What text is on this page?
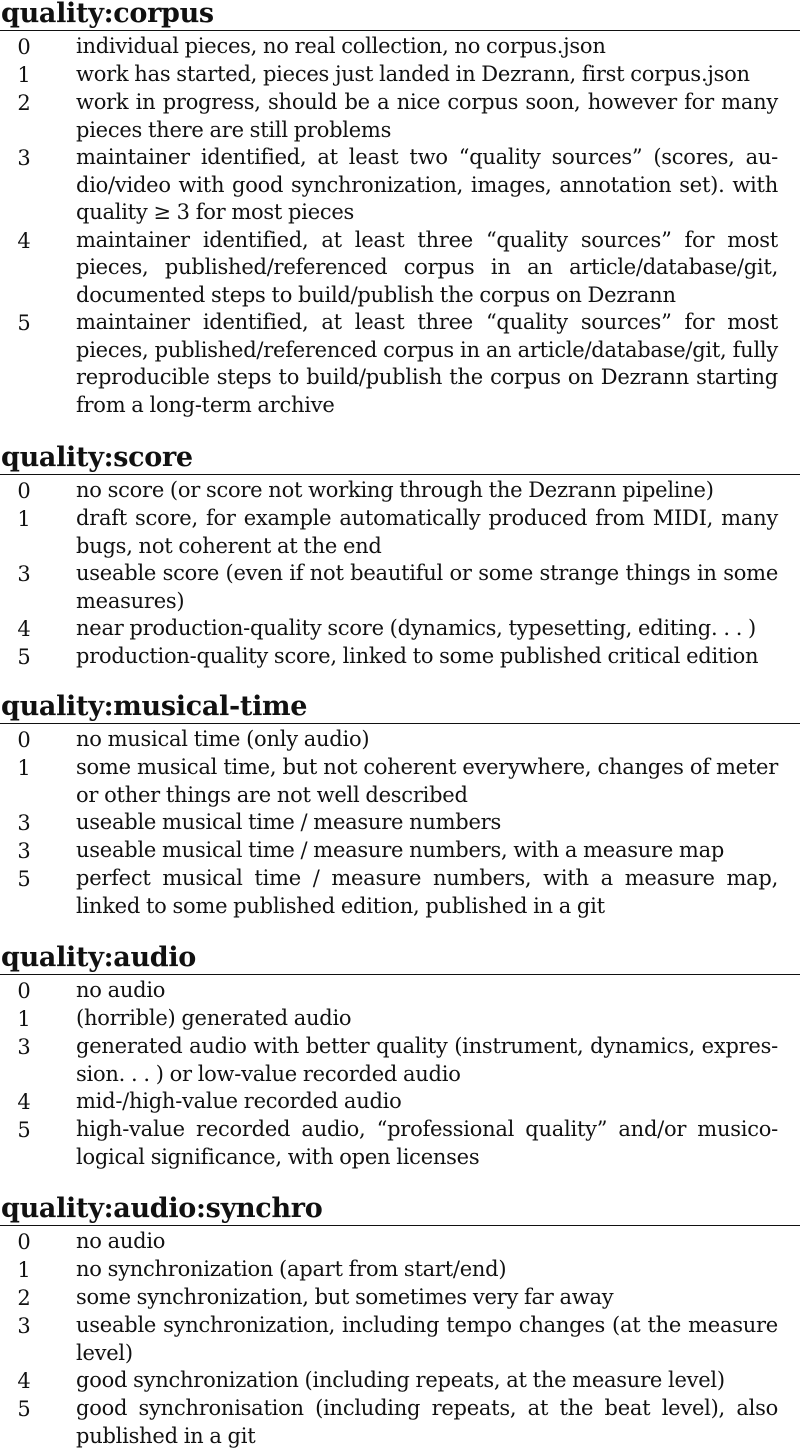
quality:corpus
0	individual pieces, no real collection, no corpus.json
1	work has started, pieces just landed in Dezrann, first corpus.json
2	work in progress, should be a nice corpus soon, however for many pieces there are still problems
3	maintainer identified, at least two “quality sources” (scores, au-dio/video with good synchronization, images, annotation set). with quality ≥ 3 for most pieces
4	maintainer identified, at least three “quality sources” for most pieces, published/referenced corpus in an article/database/git, documented steps to build/publish the corpus on Dezrann
5	maintainer identified, at least three “quality sources” for most pieces, published/referenced corpus in an article/database/git, fully reproducible steps to build/publish the corpus on Dezrann starting from a long-term archive
quality:score
0	no score (or score not working through the Dezrann pipeline)
1	draft score, for example automatically produced from MIDI, many bugs, not coherent at the end
3	useable score (even if not beautiful or some strange things in some measures)
4	near production-quality score (dynamics, typesetting, editing. . . )
5	production-quality score, linked to some published critical edition
quality:musical-time
0	no musical time (only audio)
1	some musical time, but not coherent everywhere, changes of meter or other things are not well described
3	useable musical time / measure numbers
3	useable musical time / measure numbers, with a measure map
5	perfect musical time / measure numbers, with a measure map, linked to some published edition, published in a git
quality:audio
0	no audio
1	(horrible) generated audio
3	generated audio with better quality (instrument, dynamics, expres-sion. . . ) or low-value recorded audio
4	mid-/high-value recorded audio
5	high-value recorded audio, “professional quality” and/or musico-logical significance, with open licenses
quality:audio:synchro
0	no audio
1	no synchronization (apart from start/end)
2	some synchronization, but sometimes very far away
3	useable synchronization, including tempo changes (at the measure level)
4	good synchronization (including repeats, at the measure level)
5	good synchronisation (including repeats, at the beat level), also published in a git
